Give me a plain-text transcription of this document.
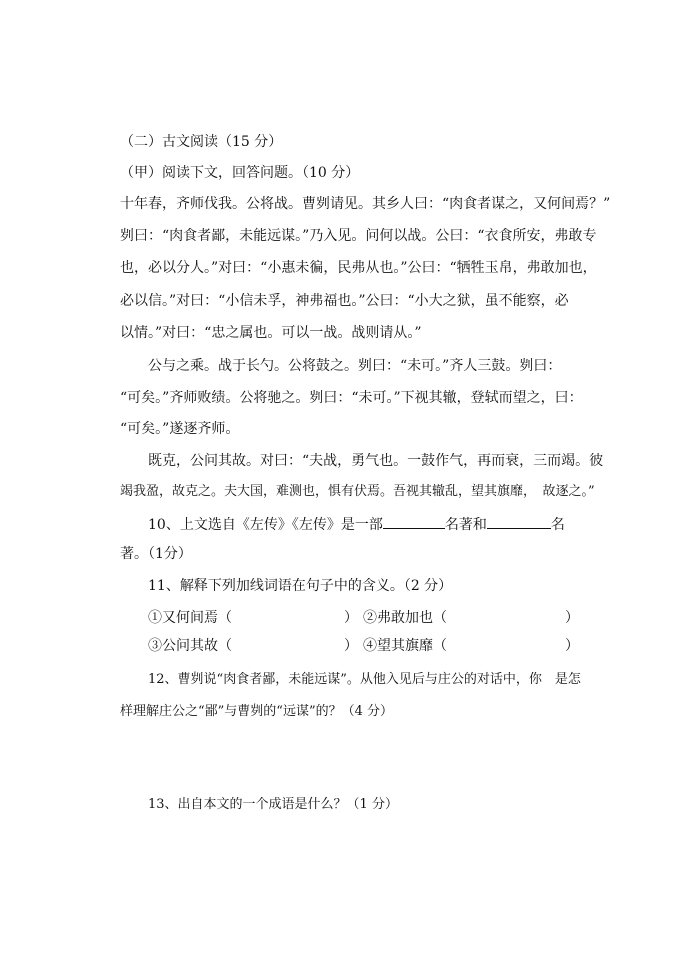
（二）古文阅读（15 分）
（甲）阅读下文，回答问题。（10 分）
十年春，齐师伐我。公将战。曹刿请见。其乡人曰：“肉食者谋之，又何间焉？”
刿曰：“肉食者鄙，未能远谋。”乃入见。问何以战。公曰：“衣食所安，弗敢专
也，必以分人。”对曰：“小惠未徧，民弗从也。”公曰：“牺牲玉帛，弗敢加也，
必以信。”对曰：“小信未孚，神弗福也。”公曰：“小大之狱，虽不能察，必
以情。”对曰：“忠之属也。可以一战。战则请从。”
公与之乘。战于长勺。公将鼓之。刿曰：“未可。”齐人三鼓。刿曰：
“可矣。”齐师败绩。公将驰之。刿曰：“未可。”下视其辙，登轼而望之，曰：
“可矣。”遂逐齐师。
既克，公问其故。对曰：“夫战，勇气也。一鼓作气，再而衰，三而竭。彼
竭我盈，故克之。夫大国，难测也，惧有伏焉。吾视其辙乱，望其旗靡，　故逐之。”
10、上文选自《左传》《左传》是一部	名著和	名
著。（1分）
11、解释下列加线词语在句子中的含义。（2 分）
①又何间焉（	） ②弗敢加也（	）
③公问其故（	） ④望其旗靡（	）
12、曹刿说“肉食者鄙，未能远谋”。从他入见后与庄公的对话中，你　是怎
样理解庄公之“鄙”与曹刿的“远谋”的？（4 分）
13、出自本文的一个成语是什么？（1 分）
